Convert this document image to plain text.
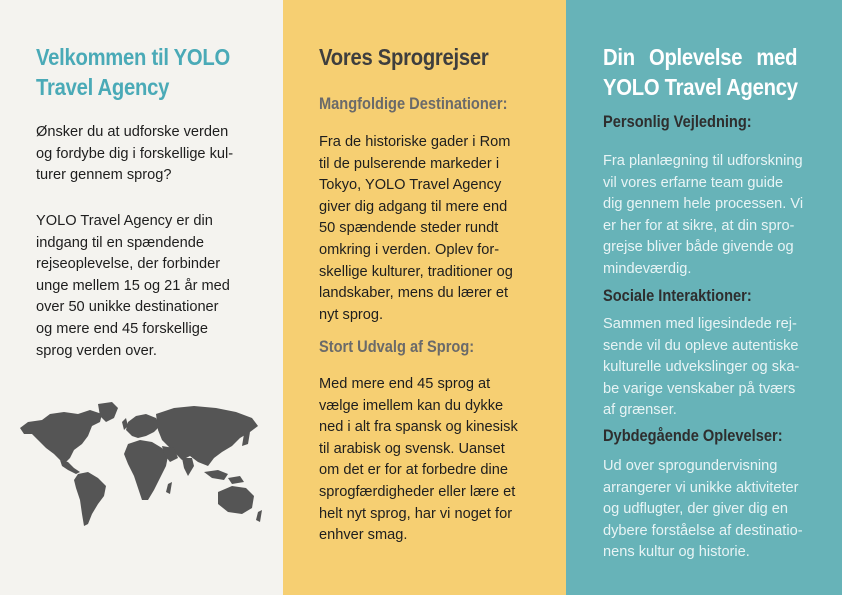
Velkommen til YOLO
Travel Agency

Ønsker du at udforske verden
og fordybe dig i forskellige kul-
turer gennem sprog?

YOLO Travel Agency er din
indgang til en spændende
rejseoplevelse, der forbinder
unge mellem 15 og 21 år med
over 50 unikke destinationer
og mere end 45 forskellige
sprog verden over.

Vores Sprogrejser
Mangfoldige Destinationer:

Fra de historiske gader i Rom
til de pulserende markeder i
Tokyo, YOLO Travel Agency
giver dig adgang til mere end
50 spændende steder rundt
omkring i verden. Oplev for-
skellige kulturer, traditioner og
landskaber, mens du lærer et
nyt sprog.

Stort Udvalg af Sprog:

Med mere end 45 sprog at
vælge imellem kan du dykke
ned i alt fra spansk og kinesisk
til arabisk og svensk. Uanset
om det er for at forbedre dine
sprogfærdigheder eller lære et
helt nyt sprog, har vi noget for
enhver smag.

Din Oplevelse med
YOLO Travel Agency
Personlig Vejledning:

Fra planlægning til udforskning
vil vores erfarne team guide
dig gennem hele processen. Vi
er her for at sikre, at din spro-
grejse bliver både givende og
mindeværdig.

Sociale Interaktioner:

Sammen med ligesindede rej-
sende vil du opleve autentiske
kulturelle udvekslinger og ska-
be varige venskaber på tværs
af grænser.

Dybdegående Oplevelser:

Ud over sprogundervisning
arrangerer vi unikke aktiviteter
og udflugter, der giver dig en
dybere forståelse af destinatio-
nens kultur og historie.
